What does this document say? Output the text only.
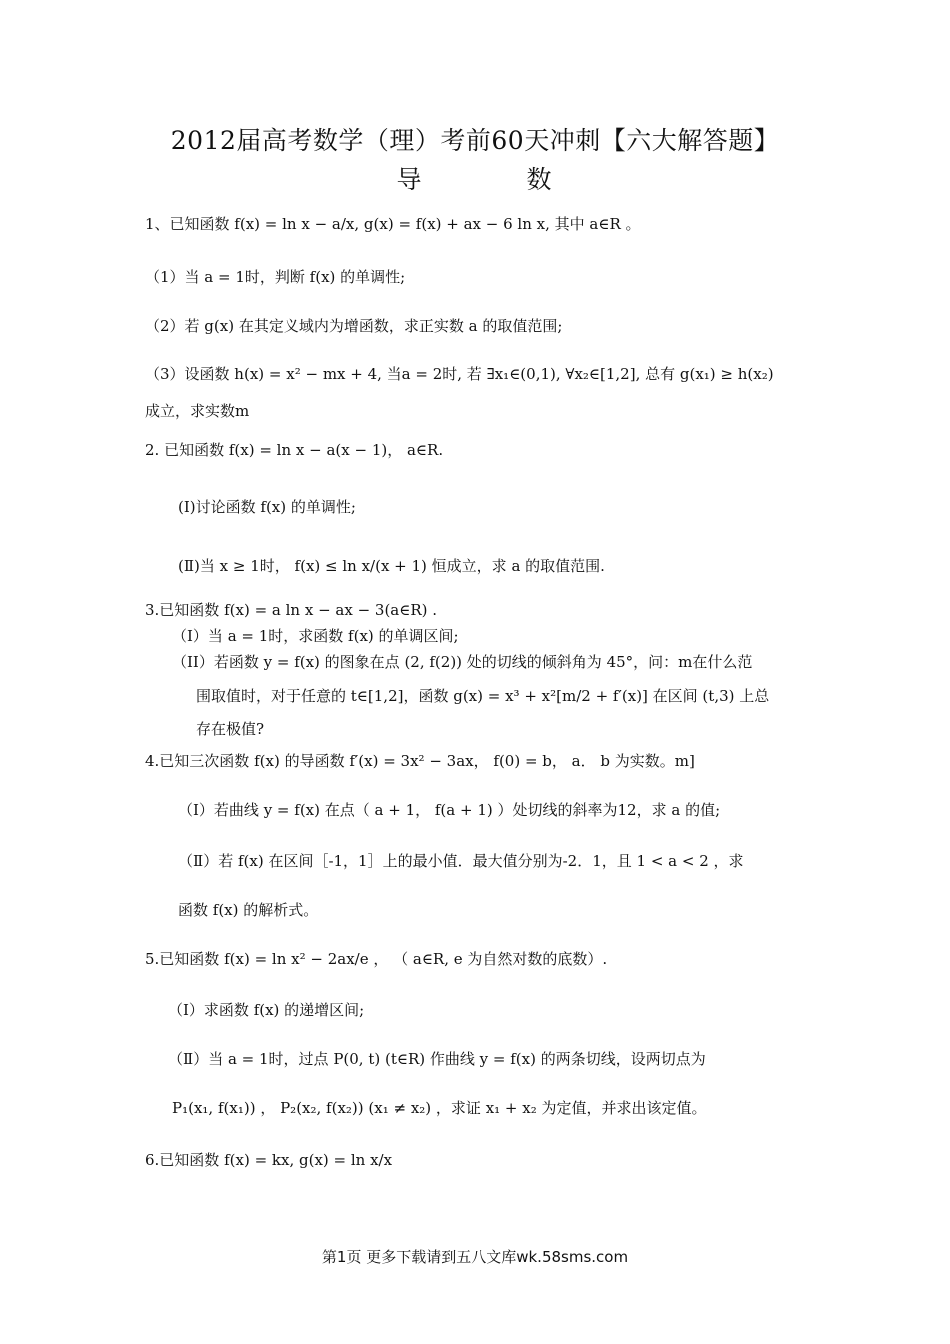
2012届高考数学（理）考前60天冲刺【六大解答题】
导　数
1、已知函数 f(x) = ln x − a/x, g(x) = f(x) + ax − 6 ln x, 其中 a∈R 。
（1）当 a = 1时，判断 f(x) 的单调性;
（2）若 g(x) 在其定义域内为增函数，求正实数 a 的取值范围;
（3）设函数 h(x) = x² − mx + 4, 当a = 2时, 若 ∃x₁∈(0,1), ∀x₂∈[1,2], 总有 g(x₁) ≥ h(x₂)
成立，求实数m
2. 已知函数 f(x) = ln x − a(x − 1)， a∈R.
(Ⅰ)讨论函数 f(x) 的单调性;
(Ⅱ)当 x ≥ 1时， f(x) ≤ ln x/(x + 1) 恒成立，求 a 的取值范围.
3.已知函数 f(x) = a ln x − ax − 3(a∈R) .
（I）当 a = 1时，求函数 f(x) 的单调区间;
（II）若函数 y = f(x) 的图象在点 (2, f(2)) 处的切线的倾斜角为 45°，问：m在什么范
围取值时，对于任意的 t∈[1,2]，函数 g(x) = x³ + x²[m/2 + f′(x)] 在区间 (t,3) 上总
存在极值?
4.已知三次函数 f(x) 的导函数 f′(x) = 3x² − 3ax， f(0) = b， a． b 为实数。m]
（Ⅰ）若曲线 y = f(x) 在点（ a + 1， f(a + 1) ）处切线的斜率为12，求 a 的值;
（Ⅱ）若 f(x) 在区间［-1，1］上的最小值．最大值分别为-2．1，且 1 < a < 2 ，求
函数 f(x) 的解析式。
5.已知函数 f(x) = ln x² − 2ax/e ， （ a∈R, e 为自然对数的底数）.
（Ⅰ）求函数 f(x) 的递增区间;
（Ⅱ）当 a = 1时，过点 P(0, t) (t∈R) 作曲线 y = f(x) 的两条切线，设两切点为
P₁(x₁, f(x₁)) ， P₂(x₂, f(x₂)) (x₁ ≠ x₂) ，求证 x₁ + x₂ 为定值，并求出该定值。
6.已知函数 f(x) = kx, g(x) = ln x/x
第1页 更多下载请到五八文库wk.58sms.com
